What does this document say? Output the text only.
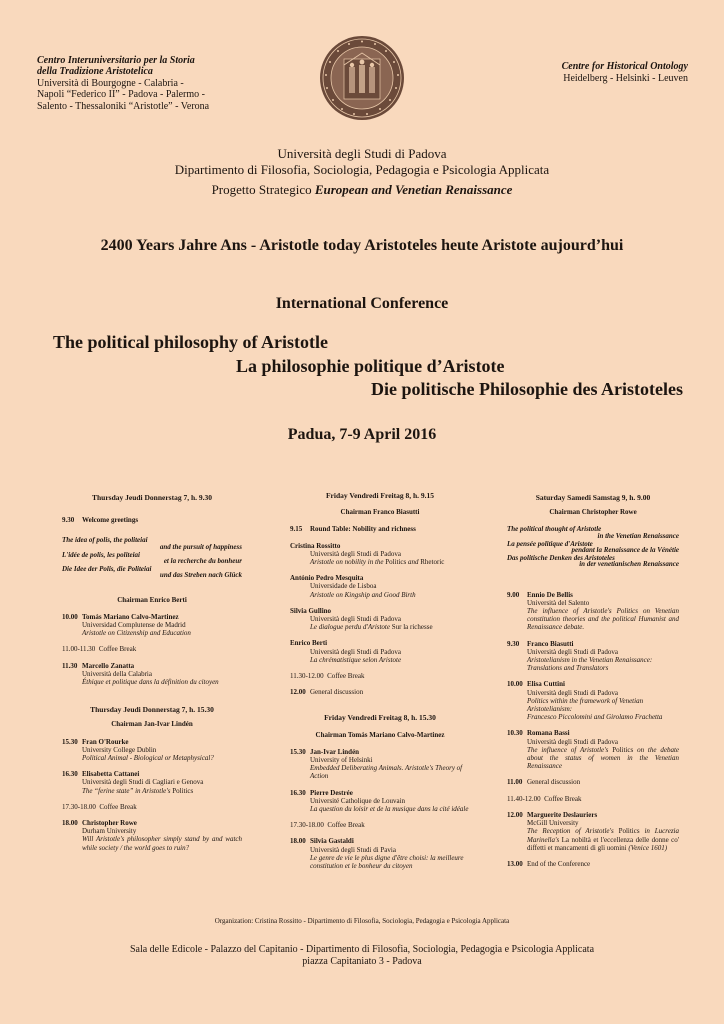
Centro Interuniversitario per la Storia
della Tradizione Aristotelica
Università di Bourgogne - Calabria -
Napoli “Federico II” - Padova - Palermo -
Salento - Thessaloniki “Aristotle” - Verona
Centre for Historical Ontology
Heidelberg - Helsinki - Leuven
Università degli Studi di Padova
Dipartimento di Filosofia, Sociologia, Pedagogia e Psicologia Applicata
Progetto Strategico European and Venetian Renaissance
2400 Years Jahre Ans - Aristotle today Aristoteles heute Aristote aujourd’hui
International Conference
The political philosophy of Aristotle
La philosophie politique d’Aristote
Die politische Philosophie des Aristoteles
Padua, 7-9 April 2016
Thursday Jeudi Donnerstag 7, h. 9.30
9.30 Welcome greetings
The idea of polis, the politeiai
and the pursuit of happiness
L'idée de polis, les politeiai
et la recherche du bonheur
Die Idee der Polis, die Politeiai
und das Streben nach Glück
Chairman Enrico Berti
10.00 Tomás Mariano Calvo-Martinez
Universidad Complutense de Madrid
Aristotle on Citizenship and Education
11.00-11.30 Coffee Break
11.30 Marcello Zanatta
Università della Calabria
Éthique et politique dans la définition du citoyen
Thursday Jeudi Donnerstag 7, h. 15.30
Chairman Jan-Ivar Lindén
15.30 Fran O'Rourke
University College Dublin
Political Animal - Biological or Metaphysical?
16.30 Elisabetta Cattanei
Università degli Studi di Cagliari e Genova
The “ferine state” in Aristotle's Politics
17.30-18.00 Coffee Break
18.00 Christopher Rowe
Durham University
Will Aristotle's philosopher simply stand by and watch while society / the world goes to ruin?
Friday Vendredi Freitag 8, h. 9.15
Chairman Franco Biasutti
9.15 Round Table: Nobility and richness
Cristina Rossitto
Università degli Studi di Padova
Aristotle on nobility in the Politics and Rhetoric
António Pedro Mesquita
Universidade de Lisboa
Aristotle on Kingship and Good Birth
Silvia Gullino
Università degli Studi di Padova
Le dialogue perdu d'Aristote Sur la richesse
Enrico Berti
Università degli Studi di Padova
La chrématistique selon Aristote
11.30-12.00 Coffee Break
12.00 General discussion
Friday Vendredi Freitag 8, h. 15.30
Chairman Tomás Mariano Calvo-Martinez
15.30 Jan-Ivar Lindén
University of Helsinki
Embedded Deliberating Animals. Aristotle's Theory of Action
16.30 Pierre Destrée
Université Catholique de Louvain
La question du loisir et de la musique dans la cité idéale
17.30-18.00 Coffee Break
18.00 Silvia Gastaldi
Università degli Studi di Pavia
Le genre de vie le plus digne d'être choisi: la meilleure constitution et le bonheur du citoyen
Saturday Samedi Samstag 9, h. 9.00
Chairman Christopher Rowe
The political thought of Aristotle
in the Venetian Renaissance
La pensée politique d'Aristote
pendant la Renaissance de la Vénétie
Das politische Denken des Aristoteles
in der venetianischen Renaissance
9.00 Ennio De Bellis
Università del Salento
The influence of Aristotle's Politics on Venetian constitution theories and the political Humanist and Renaissance debate.
9.30 Franco Biasutti
Università degli Studi di Padova
Aristotelianism in the Venetian Renaissance: Translations and Translators
10.00 Elisa Cuttini
Università degli Studi di Padova
Politics within the framework of Venetian Aristotelianism:
Francesco Piccolomini and Girolamo Frachetta
10.30 Romana Bassi
Università degli Studi di Padova
The influence of Aristotle's Politics on the debate about the status of women in the Venetian Renaissance
11.00 General discussion
11.40-12.00 Coffee Break
12.00 Marguerite Deslauriers
McGill University
The Reception of Aristotle's Politics in Lucrezia Marinella's La nobiltà et l'eccellenza delle donne co' diffetti et mancamenti di gli uomini (Venice 1601)
13.00 End of the Conference
Organization: Cristina Rossitto - Dipartimento di Filosofia, Sociologia, Pedagogia e Psicologia Applicata
Sala delle Edicole - Palazzo del Capitanio - Dipartimento di Filosofia, Sociologia, Pedagogia e Psicologia Applicata
piazza Capitaniato 3 - Padova
